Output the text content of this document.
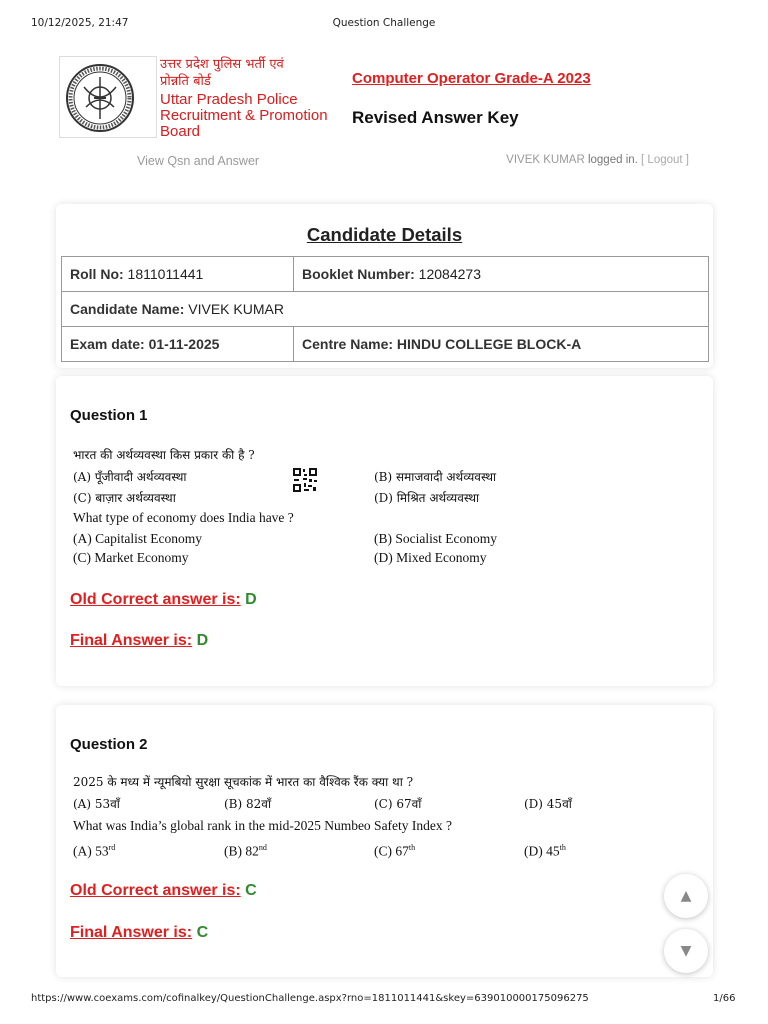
10/12/2025, 21:47	Question Challenge
उत्तर प्रदेश पुलिस भर्ती एवं
प्रोन्नति बोर्ड
Uttar Pradesh Police
Recruitment & Promotion
Board
Computer Operator Grade-A 2023
Revised Answer Key
View Qsn and Answer	VIVEK KUMAR logged in. [ Logout ]
Candidate Details
Roll No: 1811011441	Booklet Number: 12084273
Candidate Name: VIVEK KUMAR	
Exam date: 01-11-2025	Centre Name: HINDU COLLEGE BLOCK-A
Question 1
भारत की अर्थव्यवस्था किस प्रकार की है ?
(A) पूँजीवादी अर्थव्यवस्था	(B) समाजवादी अर्थव्यवस्था
(C) बाज़ार अर्थव्यवस्था	(D) मिश्रित अर्थव्यवस्था
What type of economy does India have ?
(A) Capitalist Economy	(B) Socialist Economy
(C) Market Economy	(D) Mixed Economy
Old Correct answer is: D
Final Answer is: D
Question 2
2025 के मध्य में न्यूमबियो सुरक्षा सूचकांक में भारत का वैश्विक रैंक क्या था ?
(A) 53वाँ	(B) 82वाँ	(C) 67वाँ	(D) 45वाँ
What was India’s global rank in the mid-2025 Numbeo Safety Index ?
(A) 53rd	(B) 82nd	(C) 67th	(D) 45th
Old Correct answer is: C
Final Answer is: C
▲
▼
https://www.coexams.com/cofinalkey/QuestionChallenge.aspx?rno=1811011441&skey=639010000175096275	1/66
